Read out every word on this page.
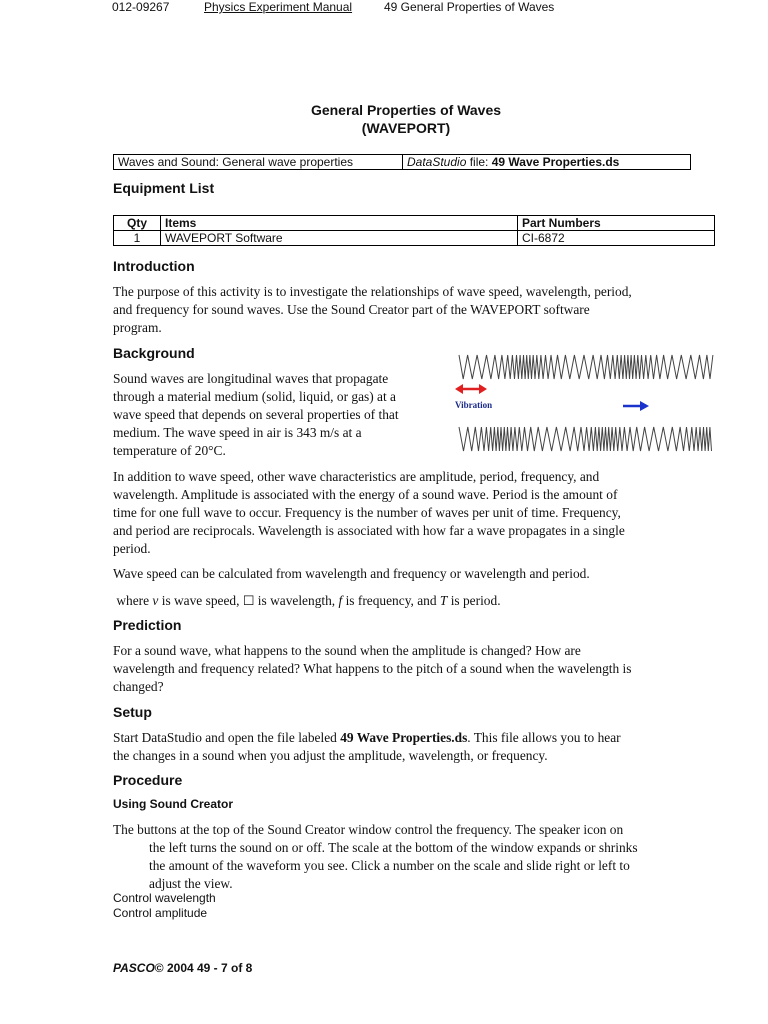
012-09267	Physics Experiment Manual	49 General Properties of Waves
General Properties of Waves
(WAVEPORT)
Waves and Sound: General wave properties	DataStudio file: 49 Wave Properties.ds
Equipment List
Qty	Items	Part Numbers
1	WAVEPORT Software	CI-6872
Introduction
The purpose of this activity is to investigate the relationships of wave speed, wavelength, period,
and frequency for sound waves. Use the Sound Creator part of the WAVEPORT software
program.
Background
Sound waves are longitudinal waves that propagate
through a material medium (solid, liquid, or gas) at a
wave speed that depends on several properties of that
medium. The wave speed in air is 343 m/s at a
temperature of 20°C.
Vibration
In addition to wave speed, other wave characteristics are amplitude, period, frequency, and
wavelength. Amplitude is associated with the energy of a sound wave. Period is the amount of
time for one full wave to occur. Frequency is the number of waves per unit of time. Frequency,
and period are reciprocals. Wavelength is associated with how far a wave propagates in a single
period.
Wave speed can be calculated from wavelength and frequency or wavelength and period.
where v is wave speed, ☐ is wavelength, f is frequency, and T is period.
Prediction
For a sound wave, what happens to the sound when the amplitude is changed? How are
wavelength and frequency related? What happens to the pitch of a sound when the wavelength is
changed?
Setup
Start DataStudio and open the file labeled 49 Wave Properties.ds. This file allows you to hear
the changes in a sound when you adjust the amplitude, wavelength, or frequency.
Procedure
Using Sound Creator
The buttons at the top of the Sound Creator window control the frequency. The speaker icon on
the left turns the sound on or off. The scale at the bottom of the window expands or shrinks
the amount of the waveform you see. Click a number on the scale and slide right or left to
adjust the view.
Control wavelength
Control amplitude
PASCO© 2004 49 - 7 of 8
